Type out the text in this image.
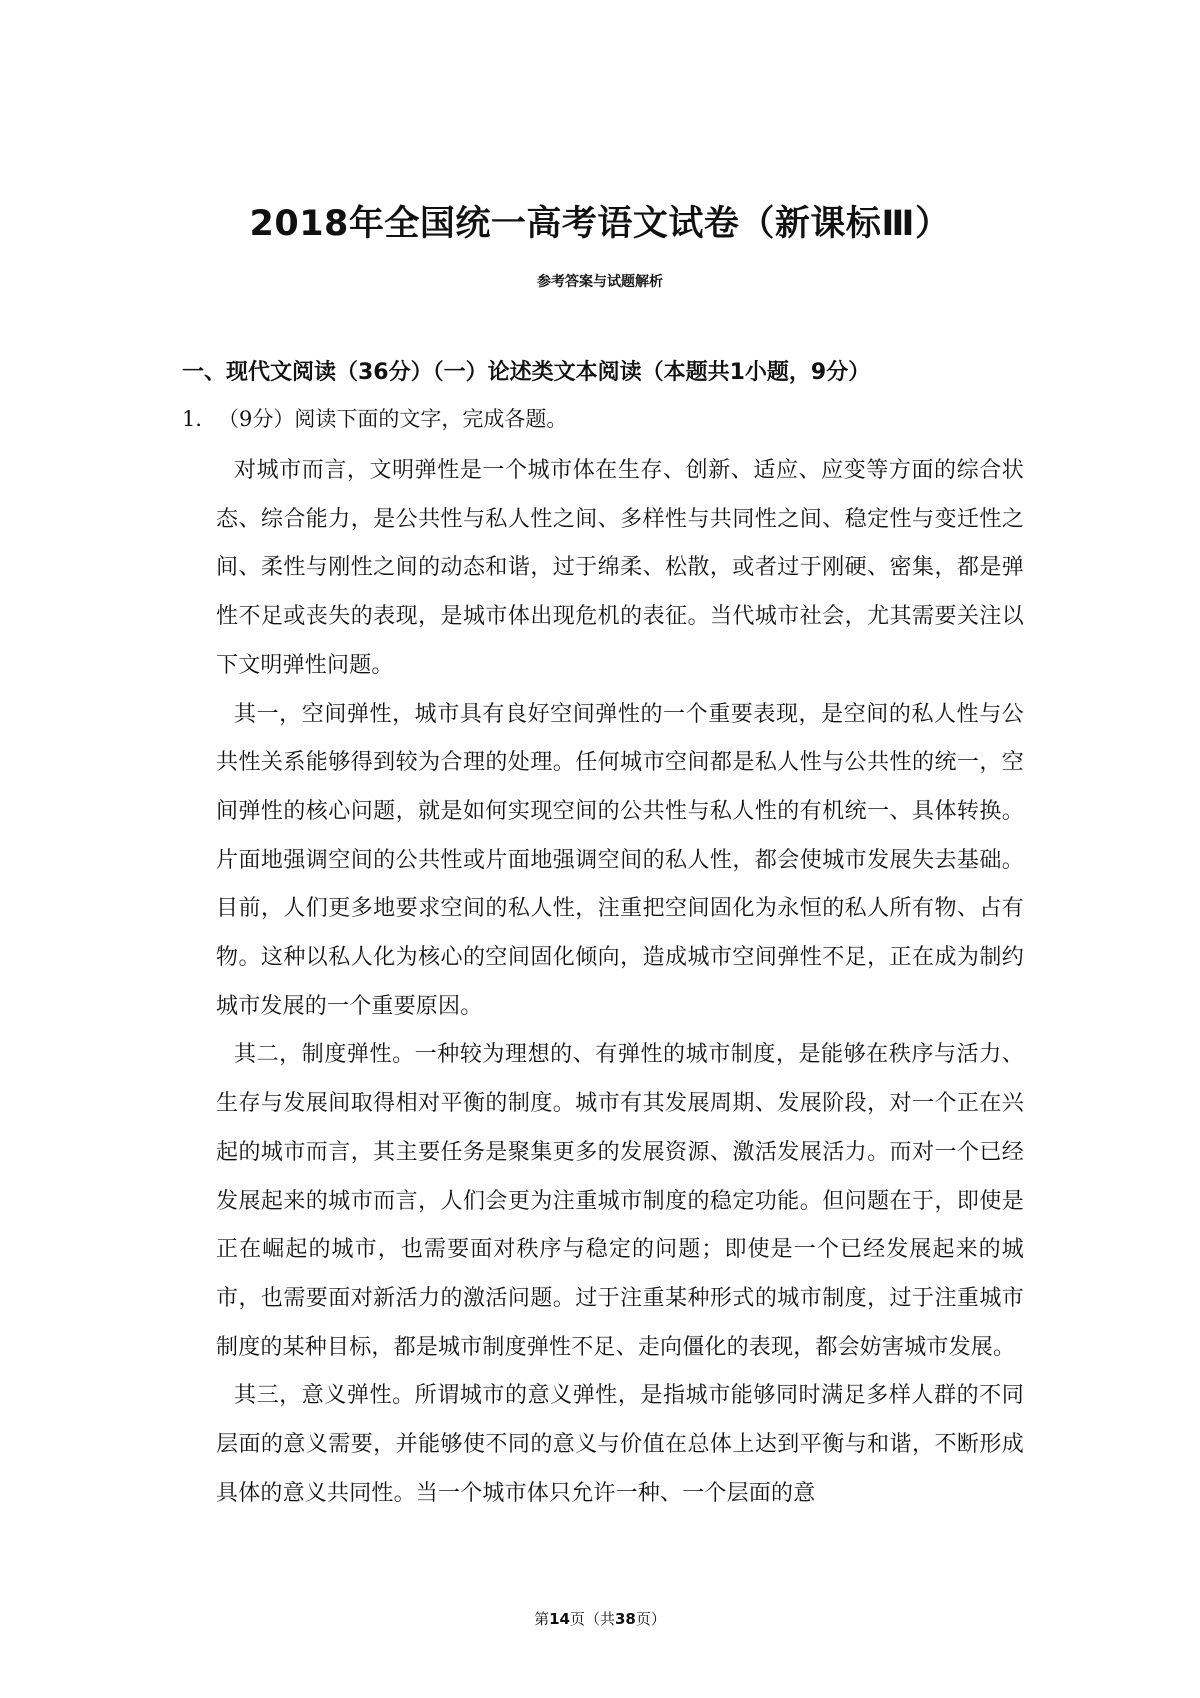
2018年全国统一高考语文试卷（新课标Ⅲ）
参考答案与试题解析
一、现代文阅读（36分）（一）论述类文本阅读（本题共1小题，9分）
1．（9分）阅读下面的文字，完成各题。

对城市而言，文明弹性是一个城市体在生存、创新、适应、应变等方面的综合状态、综合能力，是公共性与私人性之间、多样性与共同性之间、稳定性与变迁性之间、柔性与刚性之间的动态和谐，过于绵柔、松散，或者过于刚硬、密集，都是弹性不足或丧失的表现，是城市体出现危机的表征。当代城市社会，尤其需要关注以下文明弹性问题。

其一，空间弹性，城市具有良好空间弹性的一个重要表现，是空间的私人性与公共性关系能够得到较为合理的处理。任何城市空间都是私人性与公共性的统一，空间弹性的核心问题，就是如何实现空间的公共性与私人性的有机统一、具体转换。片面地强调空间的公共性或片面地强调空间的私人性，都会使城市发展失去基础。目前，人们更多地要求空间的私人性，注重把空间固化为永恒的私人所有物、占有物。这种以私人化为核心的空间固化倾向，造成城市空间弹性不足，正在成为制约城市发展的一个重要原因。

其二，制度弹性。一种较为理想的、有弹性的城市制度，是能够在秩序与活力、生存与发展间取得相对平衡的制度。城市有其发展周期、发展阶段，对一个正在兴起的城市而言，其主要任务是聚集更多的发展资源、激活发展活力。而对一个已经发展起来的城市而言，人们会更为注重城市制度的稳定功能。但问题在于，即使是正在崛起的城市，也需要面对秩序与稳定的问题；即使是一个已经发展起来的城市，也需要面对新活力的激活问题。过于注重某种形式的城市制度，过于注重城市制度的某种目标，都是城市制度弹性不足、走向僵化的表现，都会妨害城市发展。

其三，意义弹性。所谓城市的意义弹性，是指城市能够同时满足多样人群的不同层面的意义需要，并能够使不同的意义与价值在总体上达到平衡与和谐，不断形成具体的意义共同性。当一个城市体只允许一种、一个层面的意

第14页（共38页）
